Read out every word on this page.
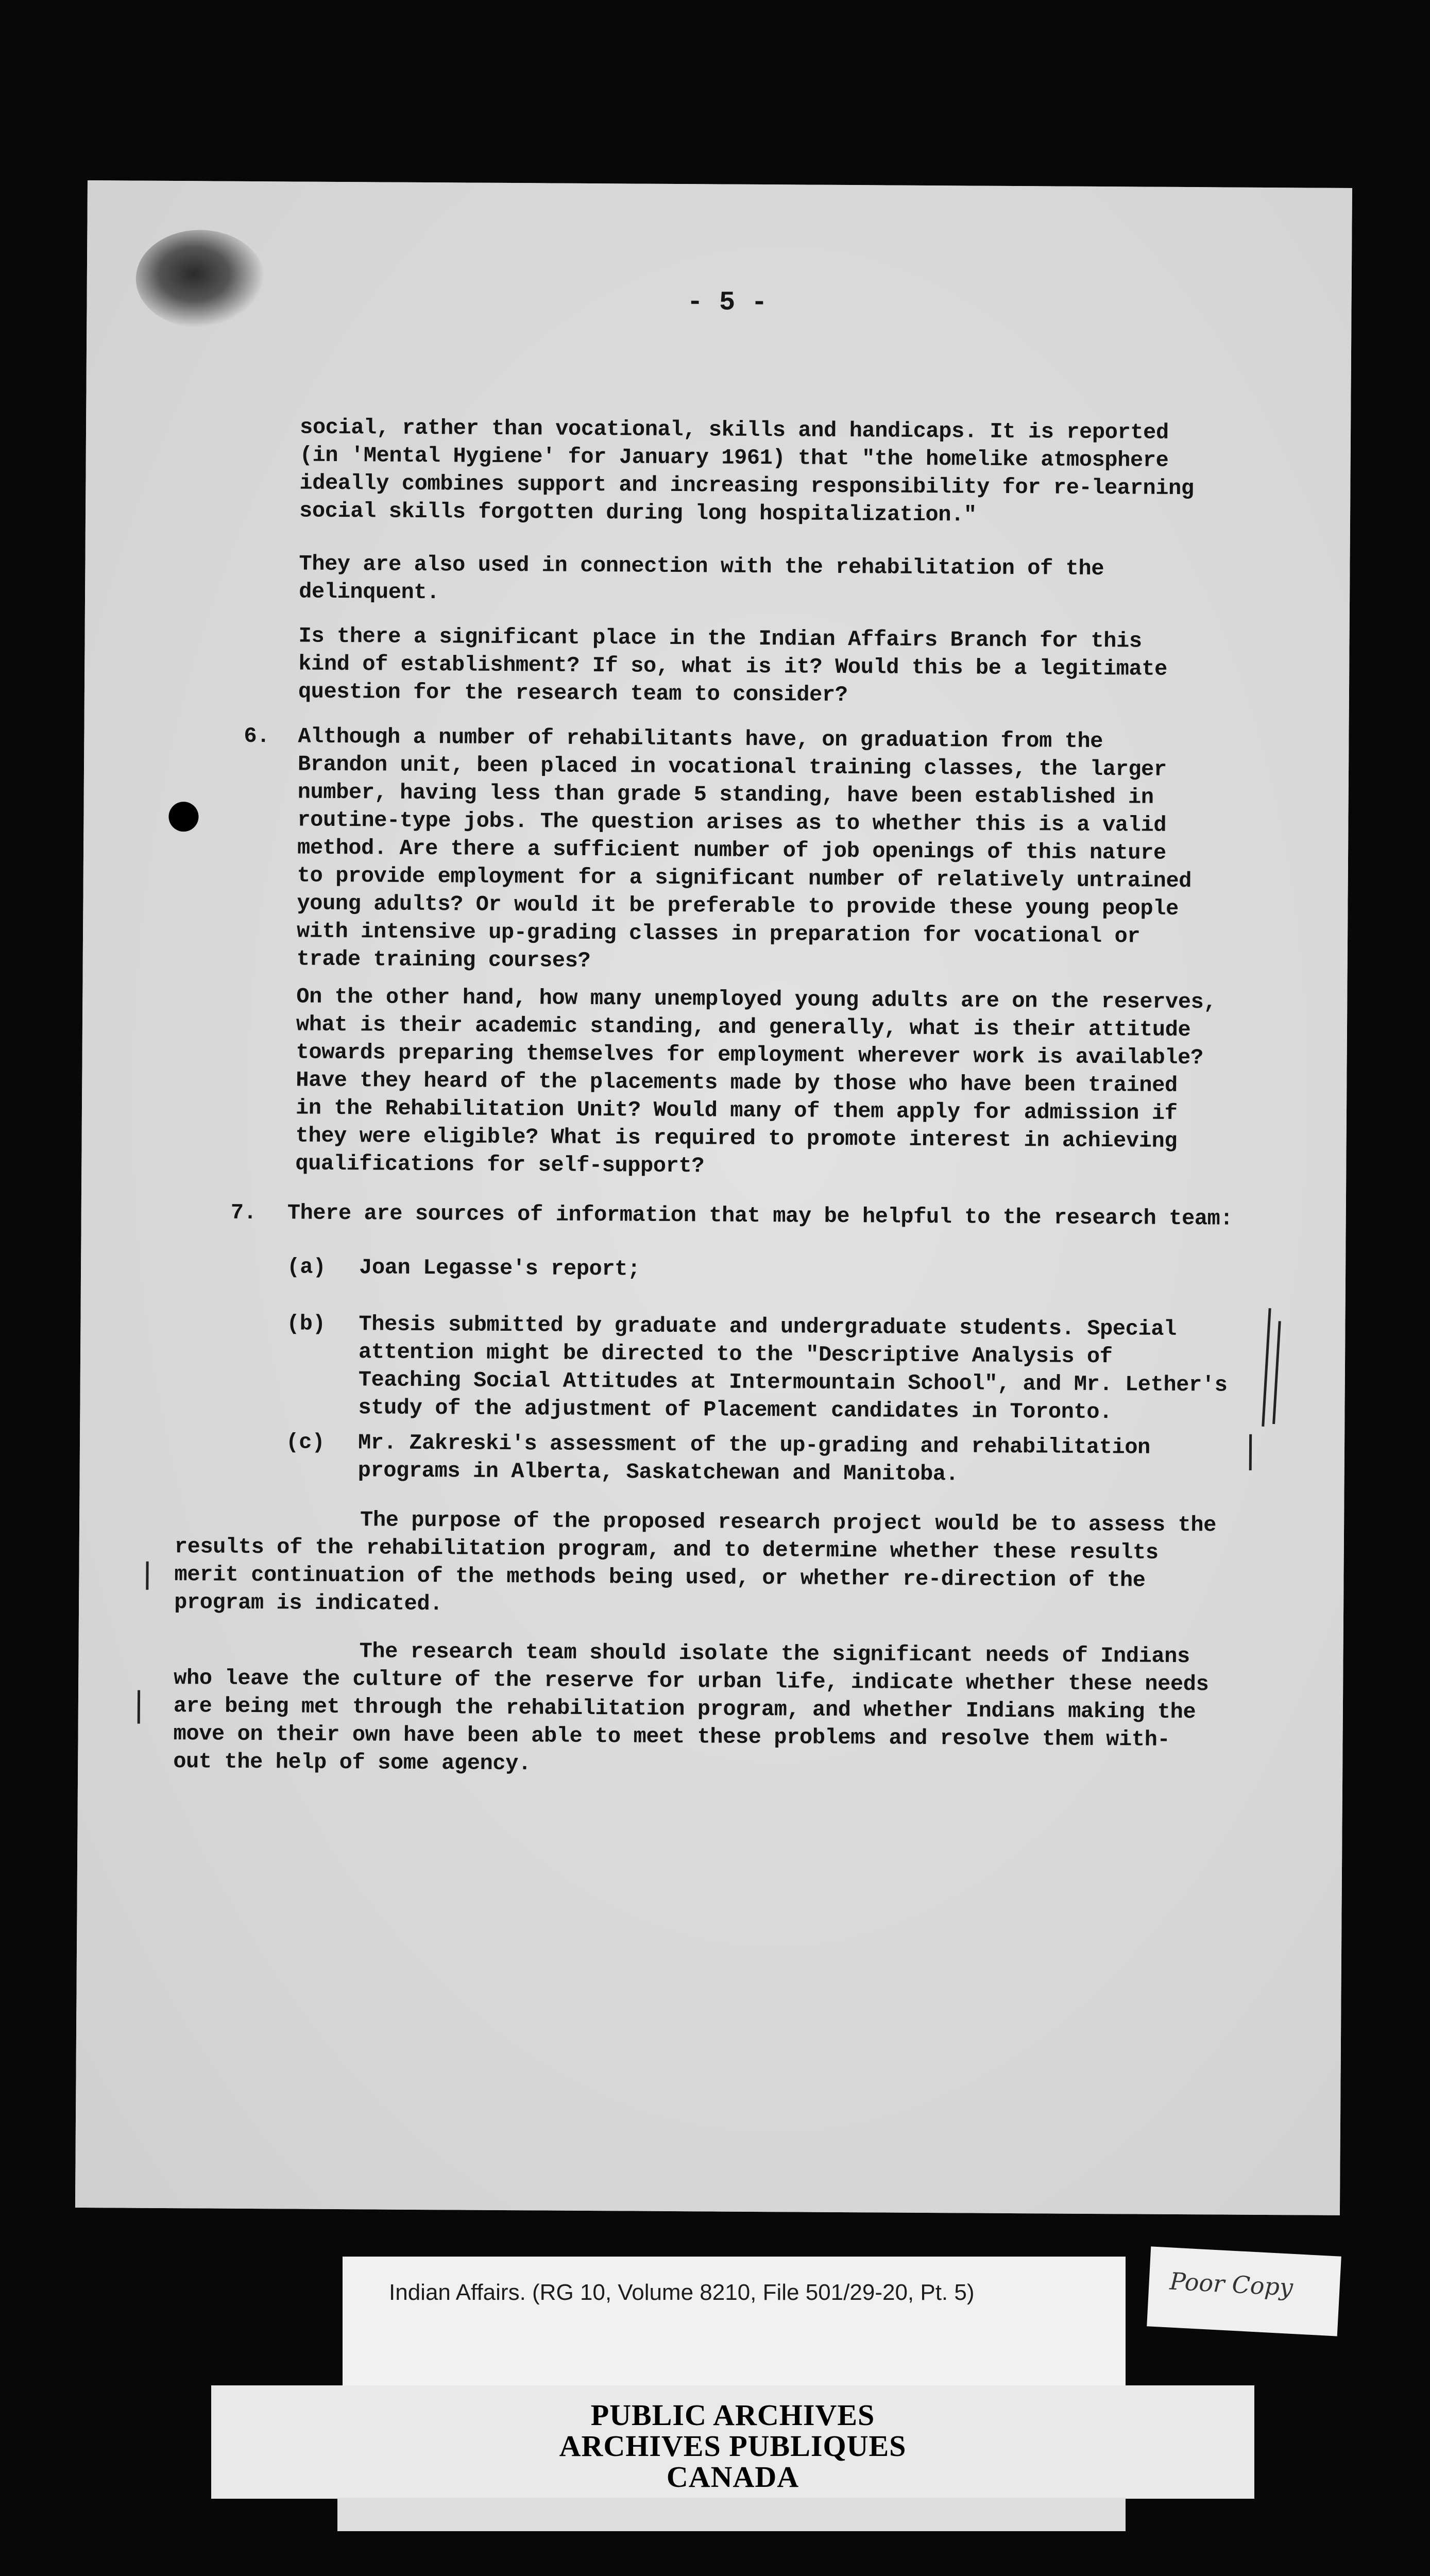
- 5 -

social, rather than vocational, skills and handicaps. It is reported
(in 'Mental Hygiene' for January 1961) that "the homelike atmosphere
ideally combines support and increasing responsibility for re-learning
social skills forgotten during long hospitalization."

They are also used in connection with the rehabilitation of the
delinquent.

Is there a significant place in the Indian Affairs Branch for this
kind of establishment? If so, what is it? Would this be a legitimate
question for the research team to consider?

6. Although a number of rehabilitants have, on graduation from the
Brandon unit, been placed in vocational training classes, the larger
number, having less than grade 5 standing, have been established in
routine-type jobs. The question arises as to whether this is a valid
method. Are there a sufficient number of job openings of this nature
to provide employment for a significant number of relatively untrained
young adults? Or would it be preferable to provide these young people
with intensive up-grading classes in preparation for vocational or
trade training courses?

On the other hand, how many unemployed young adults are on the reserves,
what is their academic standing, and generally, what is their attitude
towards preparing themselves for employment wherever work is available?
Have they heard of the placements made by those who have been trained
in the Rehabilitation Unit? Would many of them apply for admission if
they were eligible? What is required to promote interest in achieving
qualifications for self-support?

7. There are sources of information that may be helpful to the research team:

(a) Joan Legasse's report;

(b) Thesis submitted by graduate and undergraduate students. Special
attention might be directed to the "Descriptive Analysis of
Teaching Social Attitudes at Intermountain School", and Mr. Lether's
study of the adjustment of Placement candidates in Toronto.

(c) Mr. Zakreski's assessment of the up-grading and rehabilitation
programs in Alberta, Saskatchewan and Manitoba.

The purpose of the proposed research project would be to assess the
results of the rehabilitation program, and to determine whether these results
merit continuation of the methods being used, or whether re-direction of the
program is indicated.

The research team should isolate the significant needs of Indians
who leave the culture of the reserve for urban life, indicate whether these needs
are being met through the rehabilitation program, and whether Indians making the
move on their own have been able to meet these problems and resolve them with-
out the help of some agency.

Indian Affairs. (RG 10, Volume 8210, File 501/29-20, Pt. 5)	Poor Copy
PUBLIC ARCHIVES
ARCHIVES PUBLIQUES
CANADA
